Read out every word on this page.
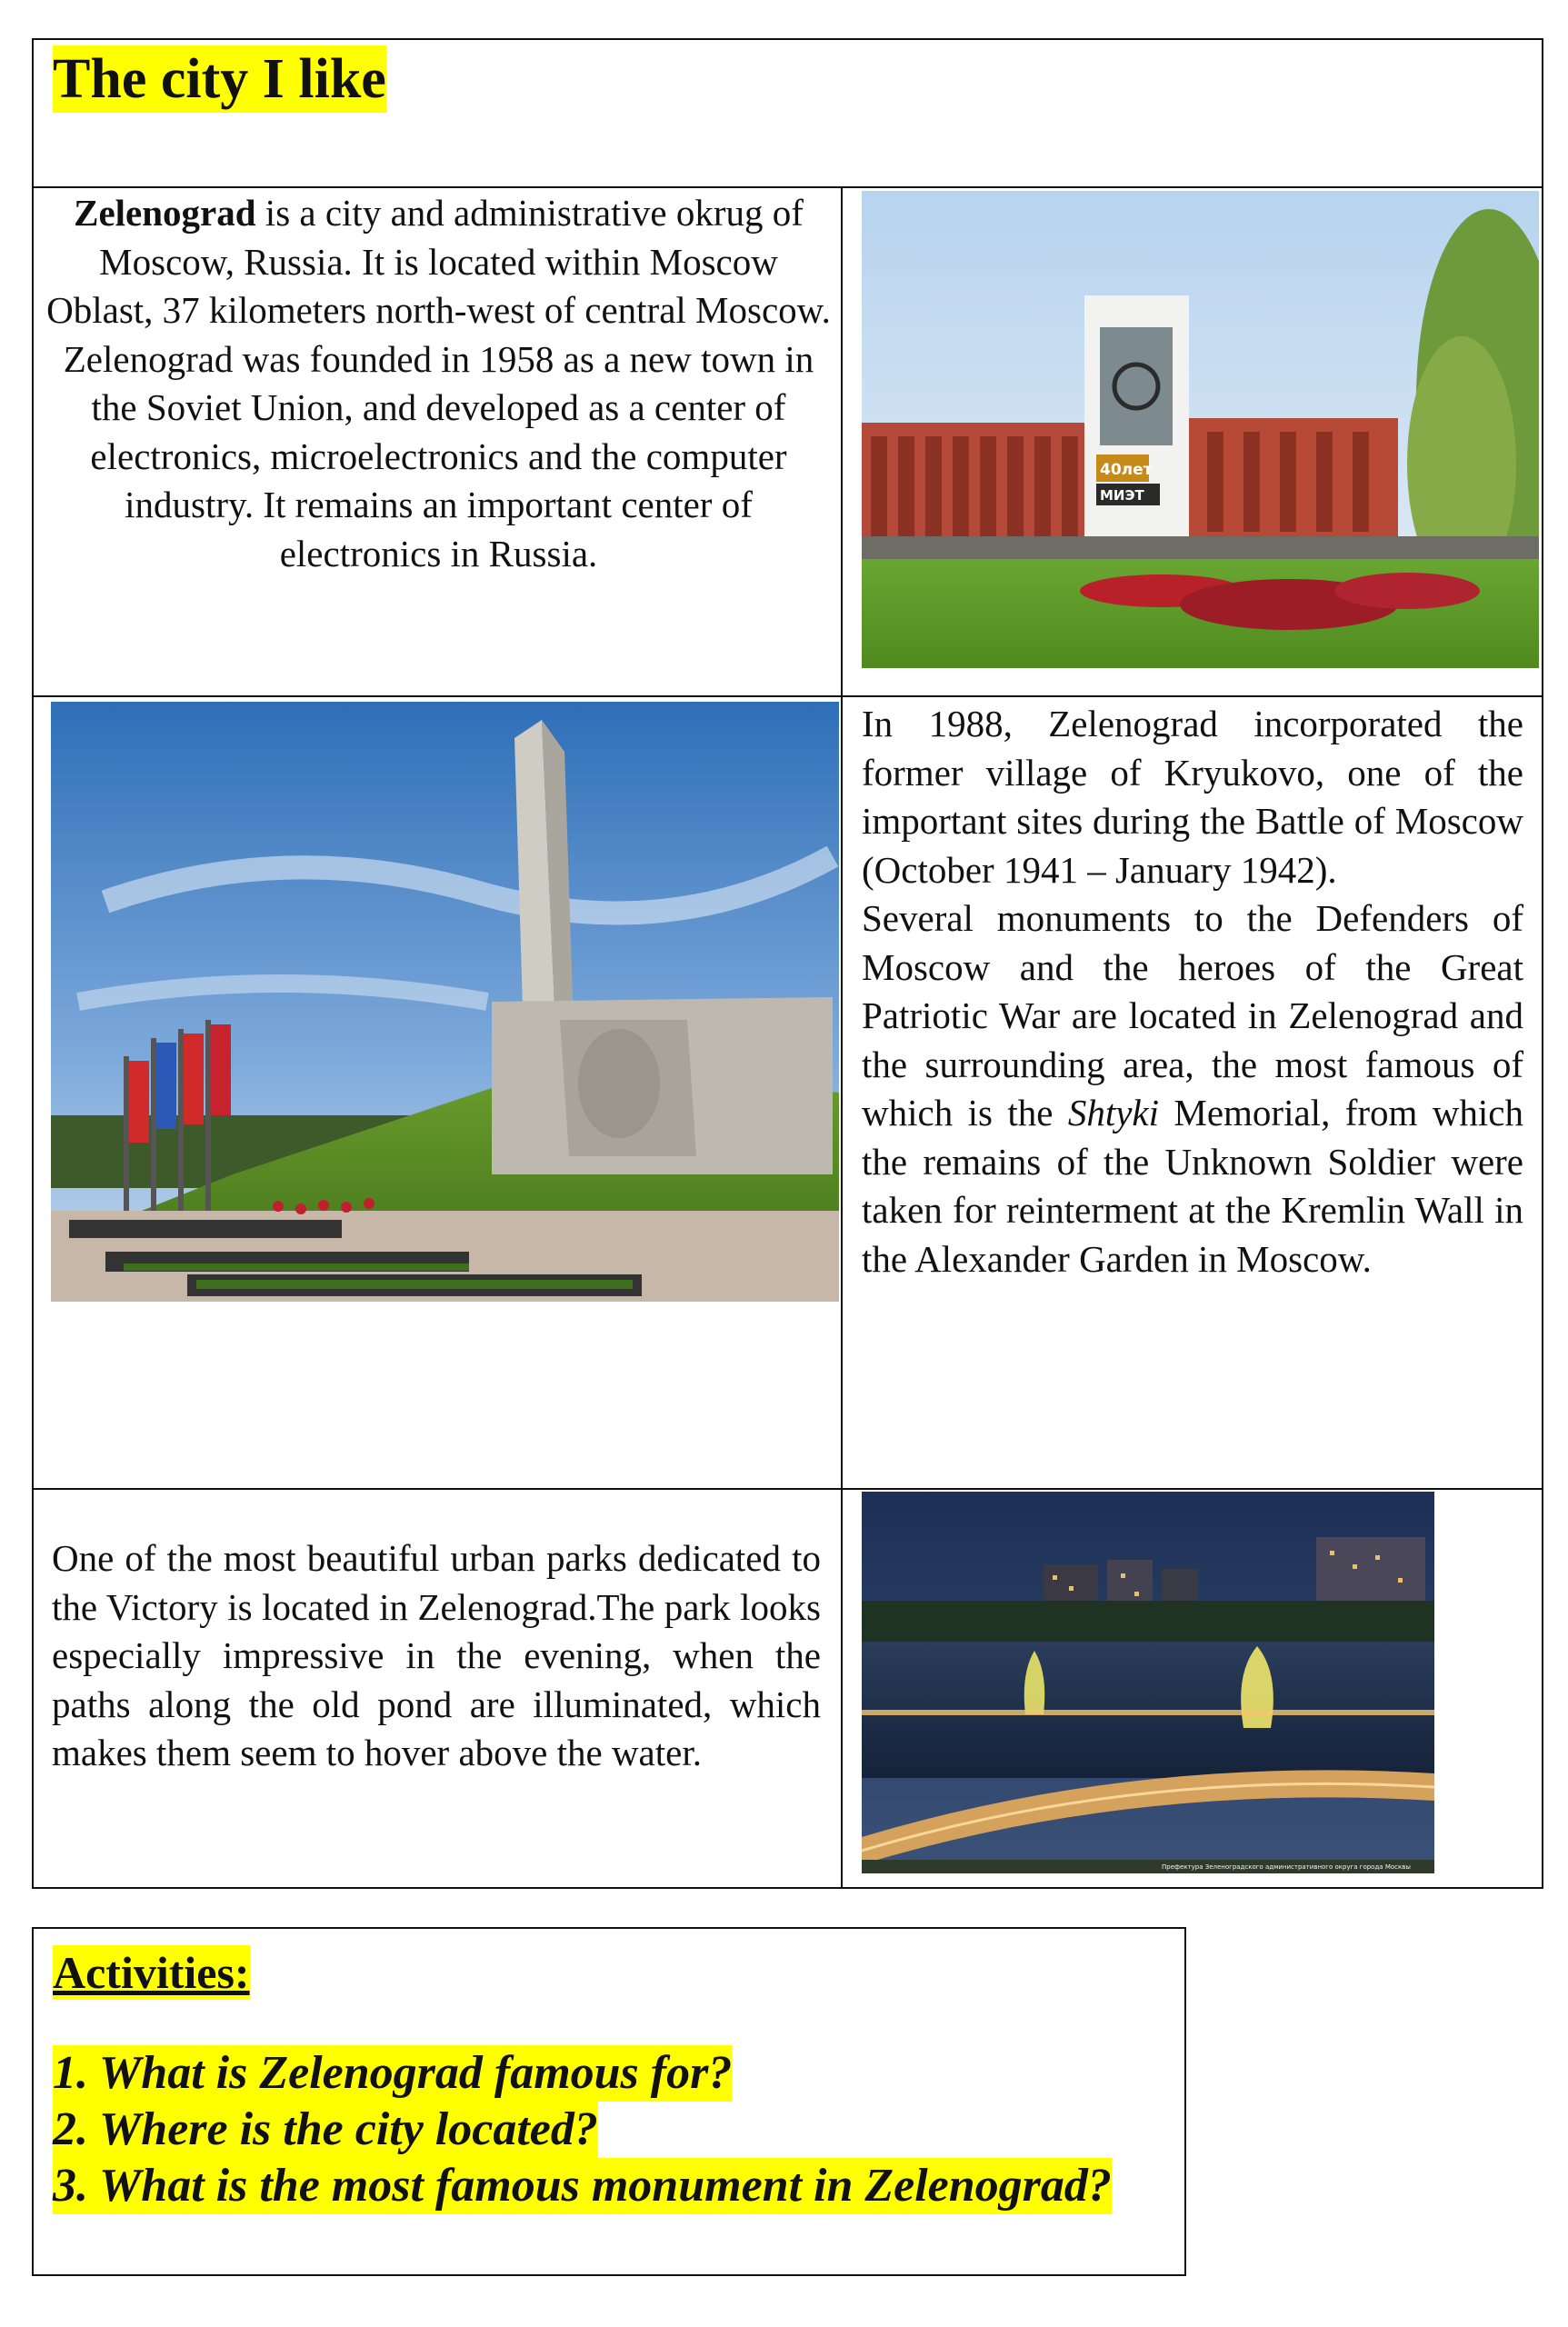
The city I like
Zelenograd is a city and administrative okrug of Moscow, Russia. It is located within Moscow Oblast, 37 kilometers north-west of central Moscow.
Zelenograd was founded in 1958 as a new town in the Soviet Union, and developed as a center of electronics, microelectronics and the computer industry. It remains an important center of electronics in Russia.
40лет
МИЭТ
In 1988, Zelenograd incorporated the former village of Kryukovo, one of the important sites during the Battle of Moscow (October 1941 – January 1942).
Several monuments to the Defenders of Moscow and the heroes of the Great Patriotic War are located in Zelenograd and the surrounding area, the most famous of which is the Shtyki Memorial, from which the remains of the Unknown Soldier were taken for reinterment at the Kremlin Wall in the Alexander Garden in Moscow.
One of the most beautiful urban parks dedicated to the Victory is located in Zelenograd.The park looks especially impressive in the evening, when the paths along the old pond are illuminated, which makes them seem to hover above the water.
Префектура Зеленоградского административного округа города Москвы
Activities:
1. What is Zelenograd famous for?
2. Where is the city located?
3. What is the most famous monument in Zelenograd?
